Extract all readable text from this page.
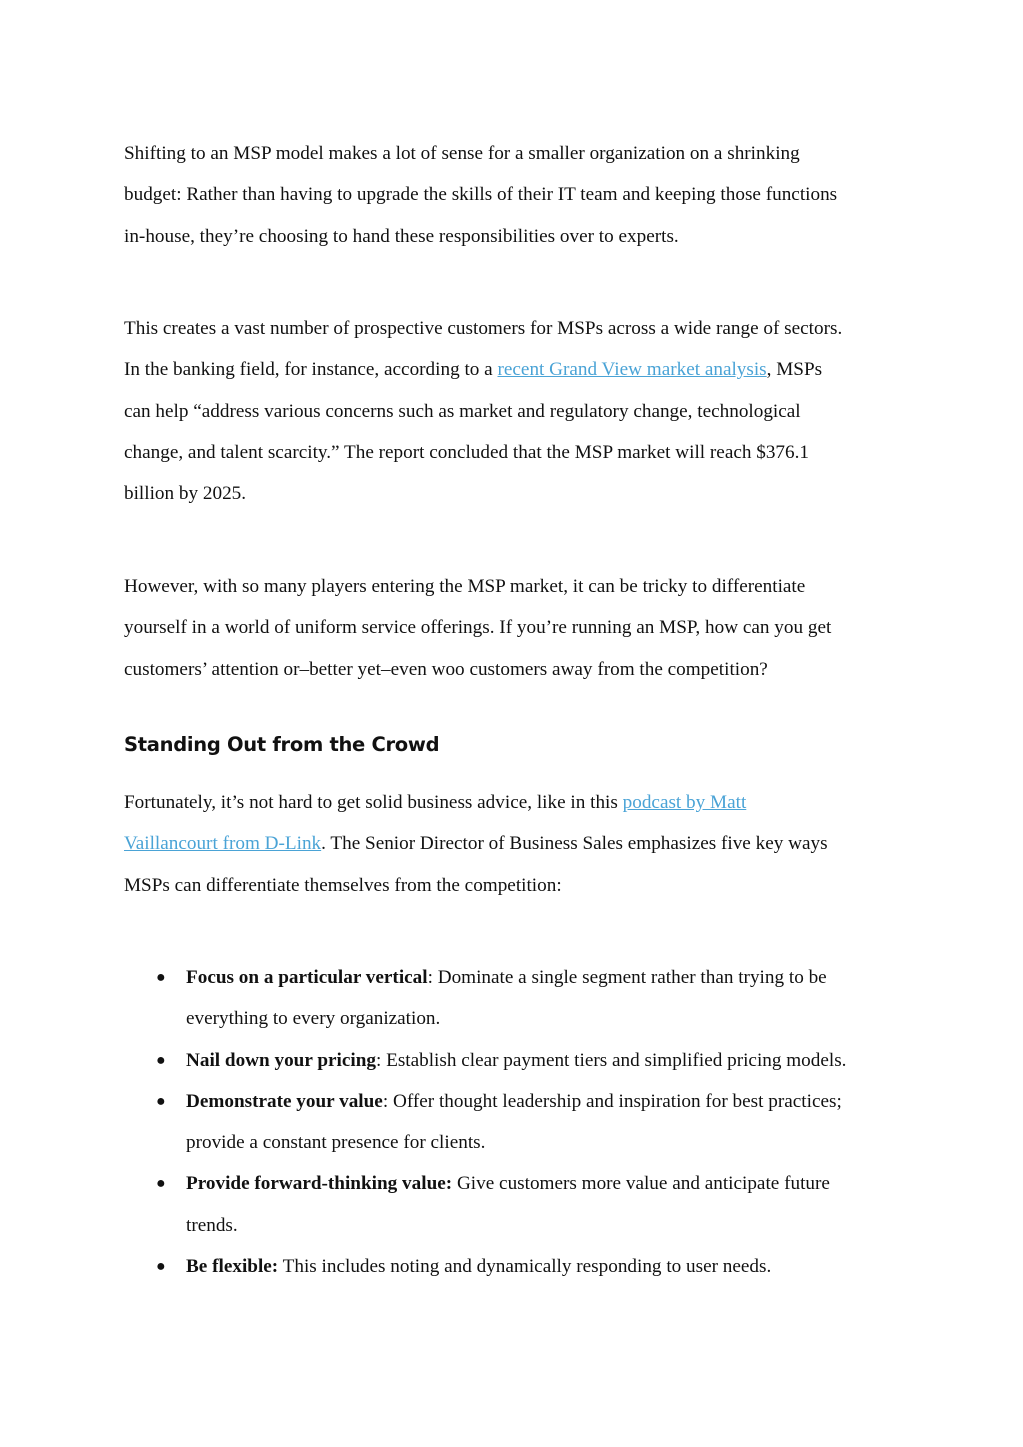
Shifting to an MSP model makes a lot of sense for a smaller organization on a shrinking
budget: Rather than having to upgrade the skills of their IT team and keeping those functions
in-house, they’re choosing to hand these responsibilities over to experts.

This creates a vast number of prospective customers for MSPs across a wide range of sectors.
In the banking field, for instance, according to a recent Grand View market analysis, MSPs
can help “address various concerns such as market and regulatory change, technological
change, and talent scarcity.” The report concluded that the MSP market will reach $376.1
billion by 2025.

However, with so many players entering the MSP market, it can be tricky to differentiate
yourself in a world of uniform service offerings. If you’re running an MSP, how can you get
customers’ attention or–better yet–even woo customers away from the competition?

Standing Out from the Crowd

Fortunately, it’s not hard to get solid business advice, like in this podcast by Matt
Vaillancourt from D-Link. The Senior Director of Business Sales emphasizes five key ways
MSPs can differentiate themselves from the competition:

● Focus on a particular vertical: Dominate a single segment rather than trying to be
everything to every organization.
● Nail down your pricing: Establish clear payment tiers and simplified pricing models.
● Demonstrate your value: Offer thought leadership and inspiration for best practices;
provide a constant presence for clients.
● Provide forward-thinking value: Give customers more value and anticipate future
trends.
● Be flexible: This includes noting and dynamically responding to user needs.
